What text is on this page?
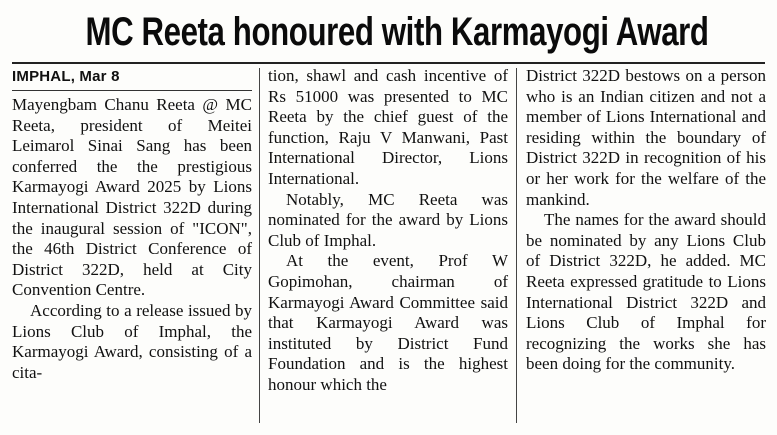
MC Reeta honoured with Karmayogi Award
IMPHAL, Mar 8

Mayengbam Chanu Reeta @ MC Reeta, president of Meitei Leimarol Sinai Sang has been conferred the the prestigious Karmayogi Award 2025 by Lions International District 322D during the inaugural session of "ICON", the 46th District Conference of District 322D, held at City Convention Centre.

According to a release issued by Lions Club of Imphal, the Karmayogi Award, consisting of a cita-

tion, shawl and cash incentive of Rs 51000 was presented to MC Reeta by the chief guest of the function, Raju V Manwani, Past International Director, Lions International.

Notably, MC Reeta was nominated for the award by Lions Club of Imphal.

At the event, Prof W Gopimohan, chairman of Karmayogi Award Committee said that Karmayogi Award was instituted by District Fund Foundation and is the highest honour which the

District 322D bestows on a person who is an Indian citizen and not a member of Lions International and residing within the boundary of District 322D in recognition of his or her work for the welfare of the mankind.

The names for the award should be nominated by any Lions Club of District 322D, he added. MC Reeta expressed gratitude to Lions International District 322D and Lions Club of Imphal for recognizing the works she has been doing for the community.
